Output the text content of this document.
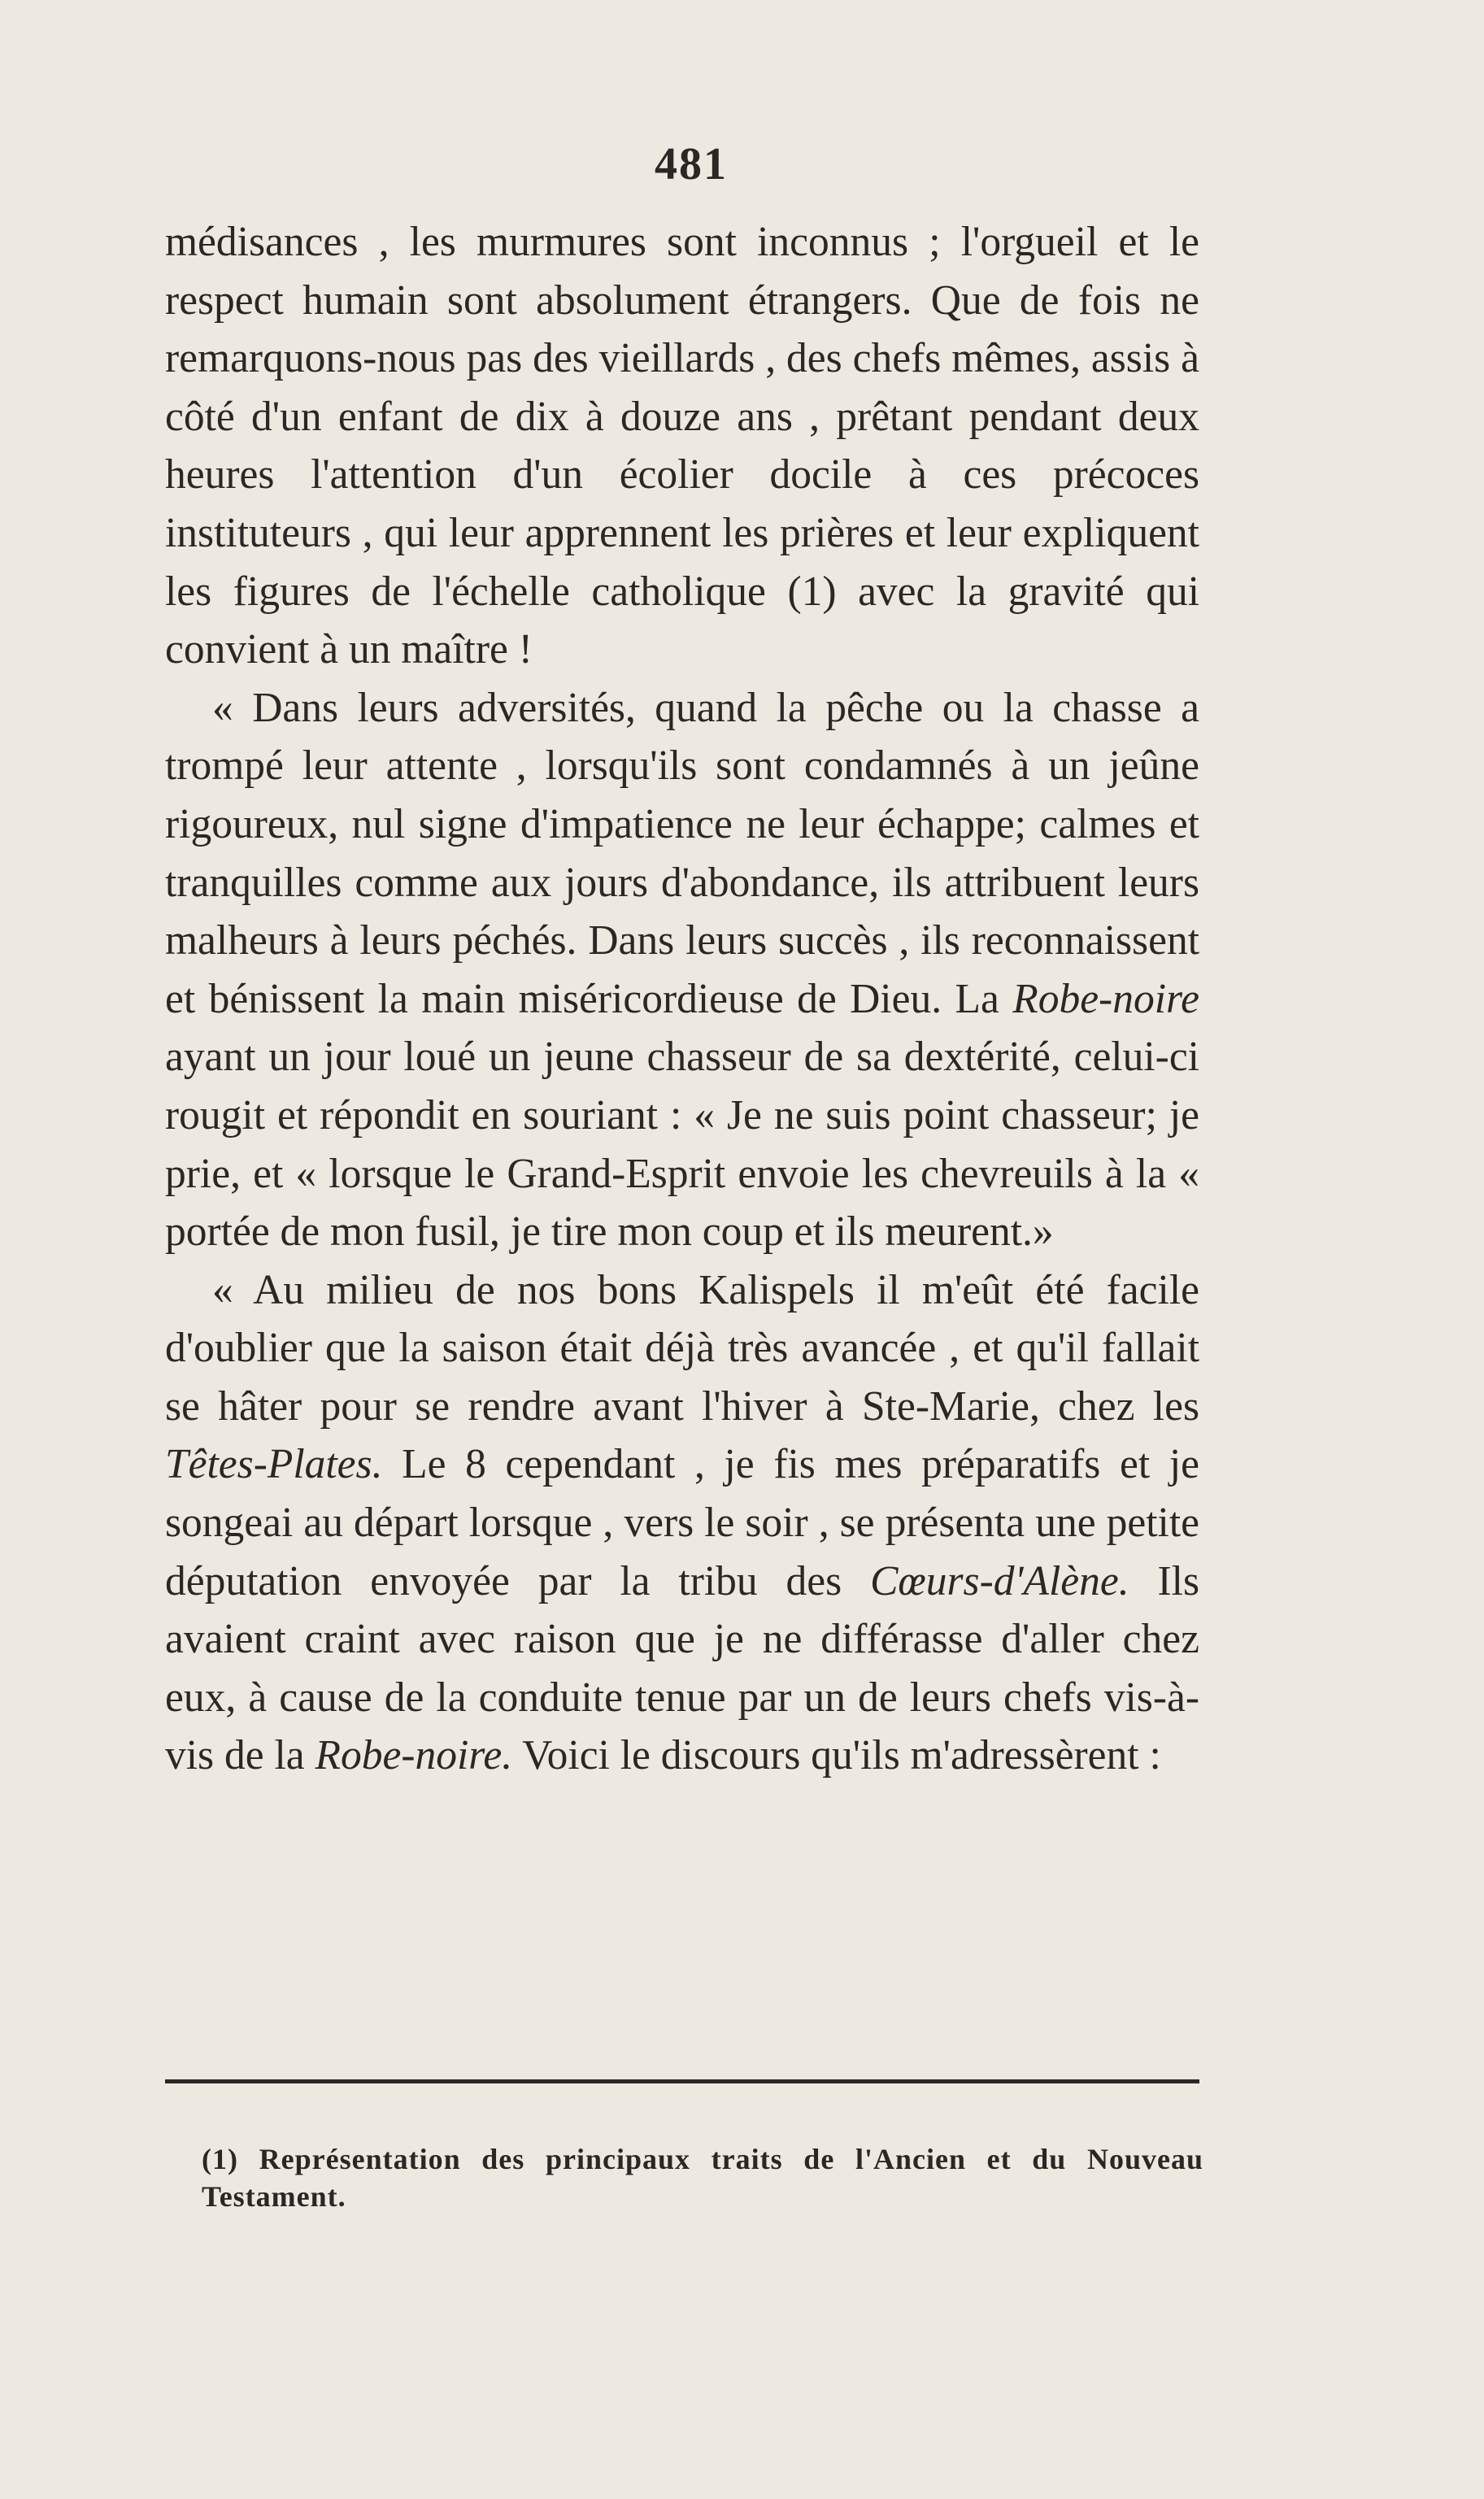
481

médisances , les murmures sont inconnus ; l'orgueil et le respect humain sont absolument étrangers. Que de fois ne remarquons-nous pas des vieillards , des chefs mêmes, assis à côté d'un enfant de dix à douze ans , prêtant pendant deux heures l'attention d'un écolier docile à ces précoces instituteurs , qui leur apprennent les prières et leur expliquent les figures de l'échelle catholique (1) avec la gravité qui convient à un maître !

« Dans leurs adversités, quand la pêche ou la chasse a trompé leur attente , lorsqu'ils sont condamnés à un jeûne rigoureux, nul signe d'impatience ne leur échappe; calmes et tranquilles comme aux jours d'abondance, ils attribuent leurs malheurs à leurs péchés. Dans leurs succès , ils reconnaissent et bénissent la main miséricordieuse de Dieu. La Robe-noire ayant un jour loué un jeune chasseur de sa dextérité, celui-ci rougit et répondit en souriant : « Je ne suis point chasseur; je prie, et « lorsque le Grand-Esprit envoie les chevreuils à la « portée de mon fusil, je tire mon coup et ils meurent.»

« Au milieu de nos bons Kalispels il m'eût été facile d'oublier que la saison était déjà très avancée , et qu'il fallait se hâter pour se rendre avant l'hiver à Ste-Marie, chez les Têtes-Plates. Le 8 cependant , je fis mes préparatifs et je songeai au départ lorsque , vers le soir , se présenta une petite députation envoyée par la tribu des Cœurs-d'Alène. Ils avaient craint avec raison que je ne différasse d'aller chez eux, à cause de la conduite tenue par un de leurs chefs vis-à-vis de la Robe-noire. Voici le discours qu'ils m'adressèrent :

(1) Représentation des principaux traits de l'Ancien et du Nouveau Testament.
